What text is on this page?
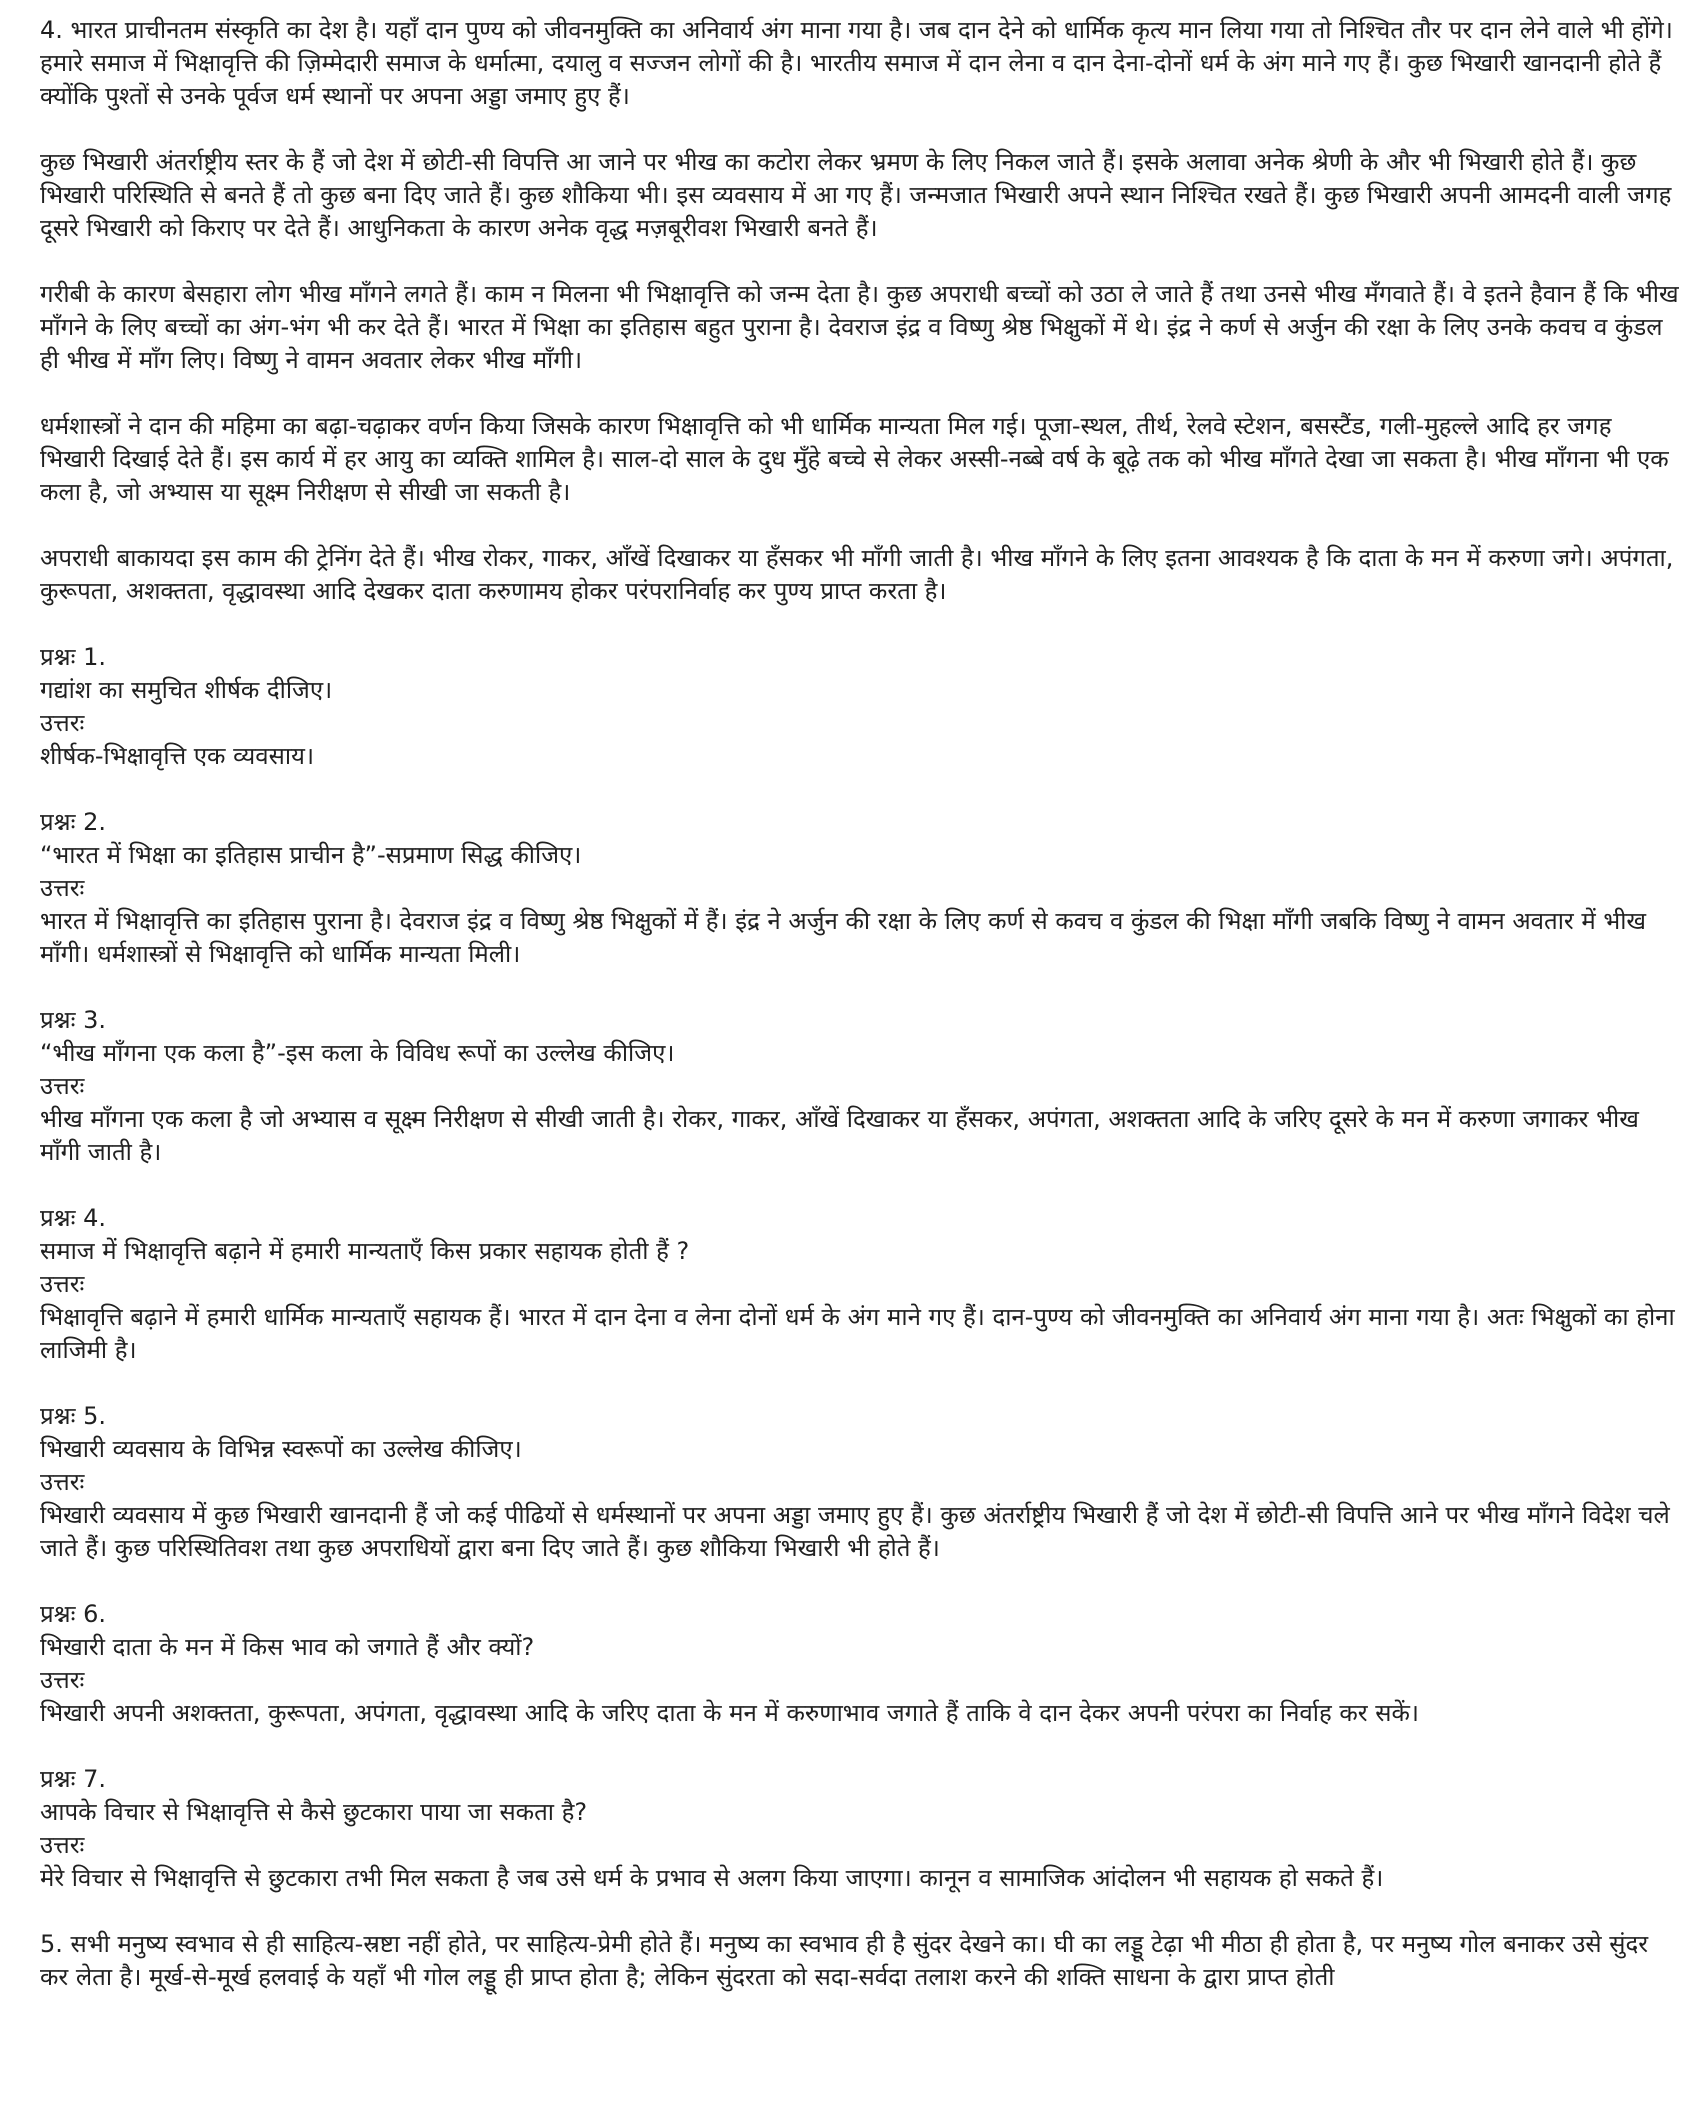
4. भारत प्राचीनतम संस्कृति का देश है। यहाँ दान पुण्य को जीवनमुक्ति का अनिवार्य अंग माना गया है। जब दान देने को धार्मिक कृत्य मान लिया गया तो निश्चित तौर पर दान लेने वाले भी होंगे। हमारे समाज में भिक्षावृत्ति की ज़िम्मेदारी समाज के धर्मात्मा, दयालु व सज्जन लोगों की है। भारतीय समाज में दान लेना व दान देना-दोनों धर्म के अंग माने गए हैं। कुछ भिखारी खानदानी होते हैं क्योंकि पुश्तों से उनके पूर्वज धर्म स्थानों पर अपना अड्डा जमाए हुए हैं।

कुछ भिखारी अंतर्राष्ट्रीय स्तर के हैं जो देश में छोटी-सी विपत्ति आ जाने पर भीख का कटोरा लेकर भ्रमण के लिए निकल जाते हैं। इसके अलावा अनेक श्रेणी के और भी भिखारी होते हैं। कुछ भिखारी परिस्थिति से बनते हैं तो कुछ बना दिए जाते हैं। कुछ शौकिया भी। इस व्यवसाय में आ गए हैं। जन्मजात भिखारी अपने स्थान निश्चित रखते हैं। कुछ भिखारी अपनी आमदनी वाली जगह दूसरे भिखारी को किराए पर देते हैं। आधुनिकता के कारण अनेक वृद्ध मज़बूरीवश भिखारी बनते हैं।

गरीबी के कारण बेसहारा लोग भीख माँगने लगते हैं। काम न मिलना भी भिक्षावृत्ति को जन्म देता है। कुछ अपराधी बच्चों को उठा ले जाते हैं तथा उनसे भीख मँगवाते हैं। वे इतने हैवान हैं कि भीख माँगने के लिए बच्चों का अंग-भंग भी कर देते हैं। भारत में भिक्षा का इतिहास बहुत पुराना है। देवराज इंद्र व विष्णु श्रेष्ठ भिक्षुकों में थे। इंद्र ने कर्ण से अर्जुन की रक्षा के लिए उनके कवच व कुंडल ही भीख में माँग लिए। विष्णु ने वामन अवतार लेकर भीख माँगी।

धर्मशास्त्रों ने दान की महिमा का बढ़ा-चढ़ाकर वर्णन किया जिसके कारण भिक्षावृत्ति को भी धार्मिक मान्यता मिल गई। पूजा-स्थल, तीर्थ, रेलवे स्टेशन, बसस्टैंड, गली-मुहल्ले आदि हर जगह भिखारी दिखाई देते हैं। इस कार्य में हर आयु का व्यक्ति शामिल है। साल-दो साल के दुध मुँहे बच्चे से लेकर अस्सी-नब्बे वर्ष के बूढ़े तक को भीख माँगते देखा जा सकता है। भीख माँगना भी एक कला है, जो अभ्यास या सूक्ष्म निरीक्षण से सीखी जा सकती है।

अपराधी बाकायदा इस काम की ट्रेनिंग देते हैं। भीख रोकर, गाकर, आँखें दिखाकर या हँसकर भी माँगी जाती है। भीख माँगने के लिए इतना आवश्यक है कि दाता के मन में करुणा जगे। अपंगता, कुरूपता, अशक्तता, वृद्धावस्था आदि देखकर दाता करुणामय होकर परंपरानिर्वाह कर पुण्य प्राप्त करता है।

प्रश्नः 1.
गद्यांश का समुचित शीर्षक दीजिए।
उत्तरः
शीर्षक-भिक्षावृत्ति एक व्यवसाय।
प्रश्नः 2.
“भारत में भिक्षा का इतिहास प्राचीन है”-सप्रमाण सिद्ध कीजिए।
उत्तरः
भारत में भिक्षावृत्ति का इतिहास पुराना है। देवराज इंद्र व विष्णु श्रेष्ठ भिक्षुकों में हैं। इंद्र ने अर्जुन की रक्षा के लिए कर्ण से कवच व कुंडल की भिक्षा माँगी जबकि विष्णु ने वामन अवतार में भीख माँगी। धर्मशास्त्रों से भिक्षावृत्ति को धार्मिक मान्यता मिली।
प्रश्नः 3.
“भीख माँगना एक कला है”-इस कला के विविध रूपों का उल्लेख कीजिए।
उत्तरः
भीख माँगना एक कला है जो अभ्यास व सूक्ष्म निरीक्षण से सीखी जाती है। रोकर, गाकर, आँखें दिखाकर या हँसकर, अपंगता, अशक्तता आदि के जरिए दूसरे के मन में करुणा जगाकर भीख माँगी जाती है।
प्रश्नः 4.
समाज में भिक्षावृत्ति बढ़ाने में हमारी मान्यताएँ किस प्रकार सहायक होती हैं ?
उत्तरः
भिक्षावृत्ति बढ़ाने में हमारी धार्मिक मान्यताएँ सहायक हैं। भारत में दान देना व लेना दोनों धर्म के अंग माने गए हैं। दान-पुण्य को जीवनमुक्ति का अनिवार्य अंग माना गया है। अतः भिक्षुकों का होना लाजिमी है।
प्रश्नः 5.
भिखारी व्यवसाय के विभिन्न स्वरूपों का उल्लेख कीजिए।
उत्तरः
भिखारी व्यवसाय में कुछ भिखारी खानदानी हैं जो कई पीढियों से धर्मस्थानों पर अपना अड्डा जमाए हुए हैं। कुछ अंतर्राष्ट्रीय भिखारी हैं जो देश में छोटी-सी विपत्ति आने पर भीख माँगने विदेश चले जाते हैं। कुछ परिस्थितिवश तथा कुछ अपराधियों द्वारा बना दिए जाते हैं। कुछ शौकिया भिखारी भी होते हैं।
प्रश्नः 6.
भिखारी दाता के मन में किस भाव को जगाते हैं और क्यों?
उत्तरः
भिखारी अपनी अशक्तता, कुरूपता, अपंगता, वृद्धावस्था आदि के जरिए दाता के मन में करुणाभाव जगाते हैं ताकि वे दान देकर अपनी परंपरा का निर्वाह कर सकें।
प्रश्नः 7.
आपके विचार से भिक्षावृत्ति से कैसे छुटकारा पाया जा सकता है?
उत्तरः
मेरे विचार से भिक्षावृत्ति से छुटकारा तभी मिल सकता है जब उसे धर्म के प्रभाव से अलग किया जाएगा। कानून व सामाजिक आंदोलन भी सहायक हो सकते हैं।

5. सभी मनुष्य स्वभाव से ही साहित्य-स्रष्टा नहीं होते, पर साहित्य-प्रेमी होते हैं। मनुष्य का स्वभाव ही है सुंदर देखने का। घी का लड्डू टेढ़ा भी मीठा ही होता है, पर मनुष्य गोल बनाकर उसे सुंदर कर लेता है। मूर्ख-से-मूर्ख हलवाई के यहाँ भी गोल लड्डू ही प्राप्त होता है; लेकिन सुंदरता को सदा-सर्वदा तलाश करने की शक्ति साधना के द्वारा प्राप्त होती
